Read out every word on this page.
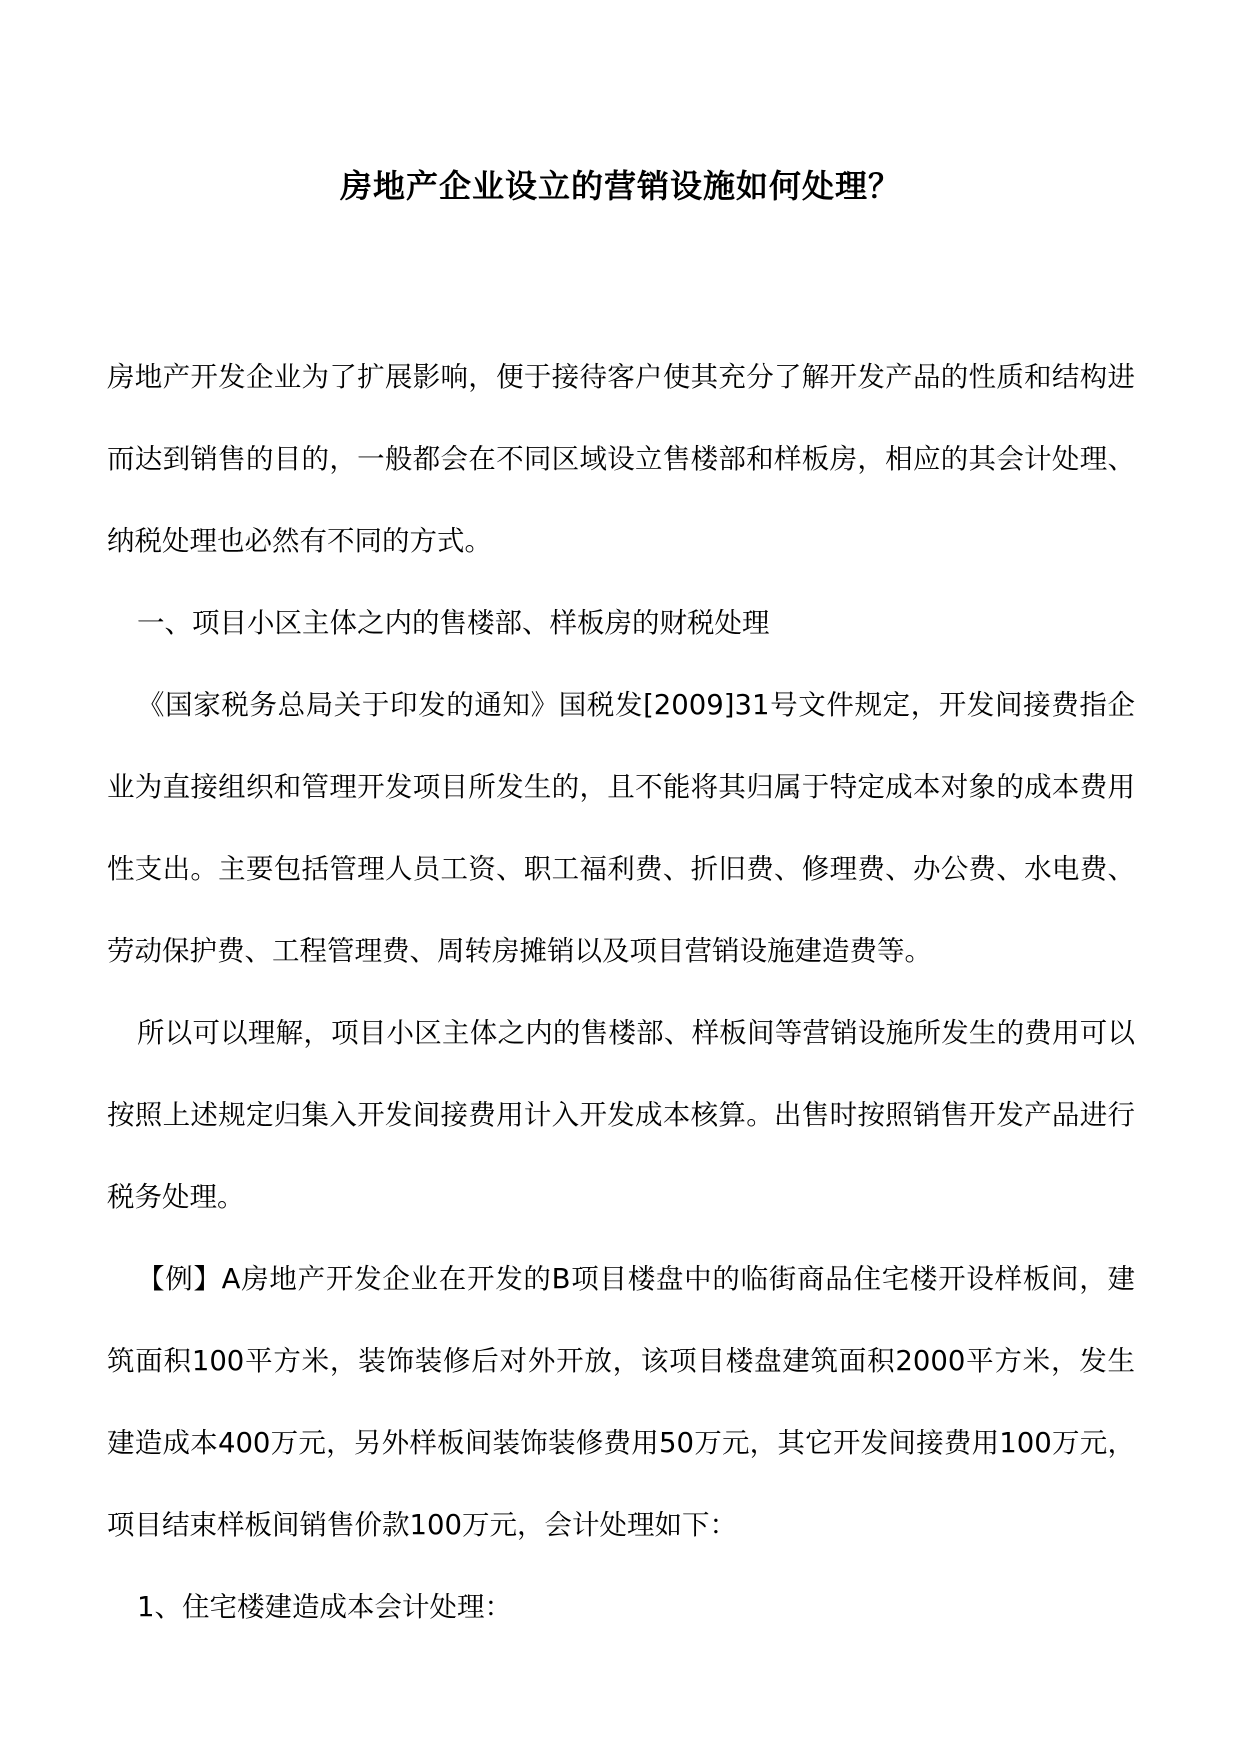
房地产企业设立的营销设施如何处理？

房地产开发企业为了扩展影响，便于接待客户使其充分了解开发产品的性质和结构进而达到销售的目的，一般都会在不同区域设立售楼部和样板房，相应的其会计处理、纳税处理也必然有不同的方式。

一、项目小区主体之内的售楼部、样板房的财税处理

《国家税务总局关于印发的通知》国税发[2009]31号文件规定，开发间接费指企业为直接组织和管理开发项目所发生的，且不能将其归属于特定成本对象的成本费用性支出。主要包括管理人员工资、职工福利费、折旧费、修理费、办公费、水电费、劳动保护费、工程管理费、周转房摊销以及项目营销设施建造费等。

所以可以理解，项目小区主体之内的售楼部、样板间等营销设施所发生的费用可以按照上述规定归集入开发间接费用计入开发成本核算。出售时按照销售开发产品进行税务处理。

【例】A房地产开发企业在开发的B项目楼盘中的临街商品住宅楼开设样板间，建筑面积100平方米，装饰装修后对外开放，该项目楼盘建筑面积2000平方米，发生建造成本400万元，另外样板间装饰装修费用50万元，其它开发间接费用100万元，项目结束样板间销售价款100万元，会计处理如下：

1、住宅楼建造成本会计处理：
